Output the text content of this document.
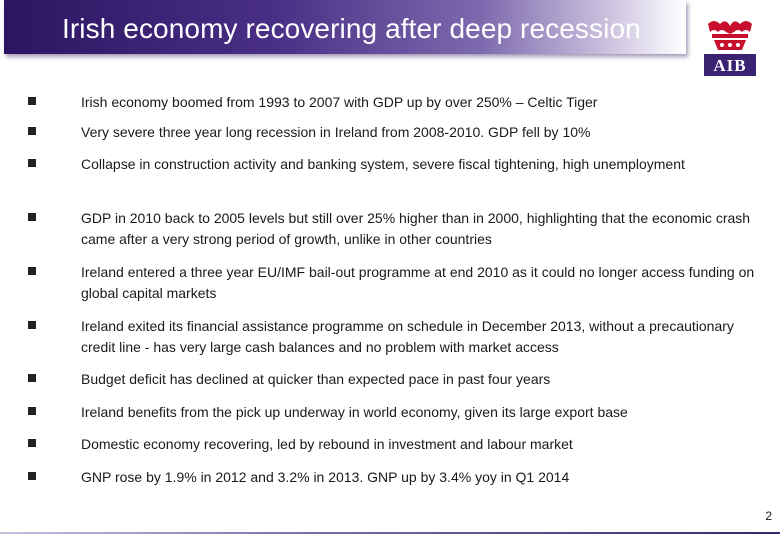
Irish economy recovering after deep recession
AIB
Irish economy boomed from 1993 to 2007 with GDP up by over 250% – Celtic Tiger
Very severe three year long recession in Ireland from 2008-2010. GDP fell by 10%
Collapse in construction activity and banking system, severe fiscal tightening, high unemployment
GDP in 2010 back to 2005 levels but still over 25% higher than in 2000, highlighting that the economic crash came after a very strong period of growth, unlike in other countries
Ireland entered a three year EU/IMF bail-out programme at end 2010 as it could no longer access funding on global capital markets
Ireland exited its financial assistance programme on schedule in December 2013, without a precautionary credit line - has very large cash balances and no problem with market access
Budget deficit has declined at quicker than expected pace in past four years
Ireland benefits from the pick up underway in world economy, given its large export base
Domestic economy recovering, led by rebound in investment and labour market
GNP rose by 1.9% in 2012 and 3.2% in 2013. GNP up by 3.4% yoy in Q1 2014
2
